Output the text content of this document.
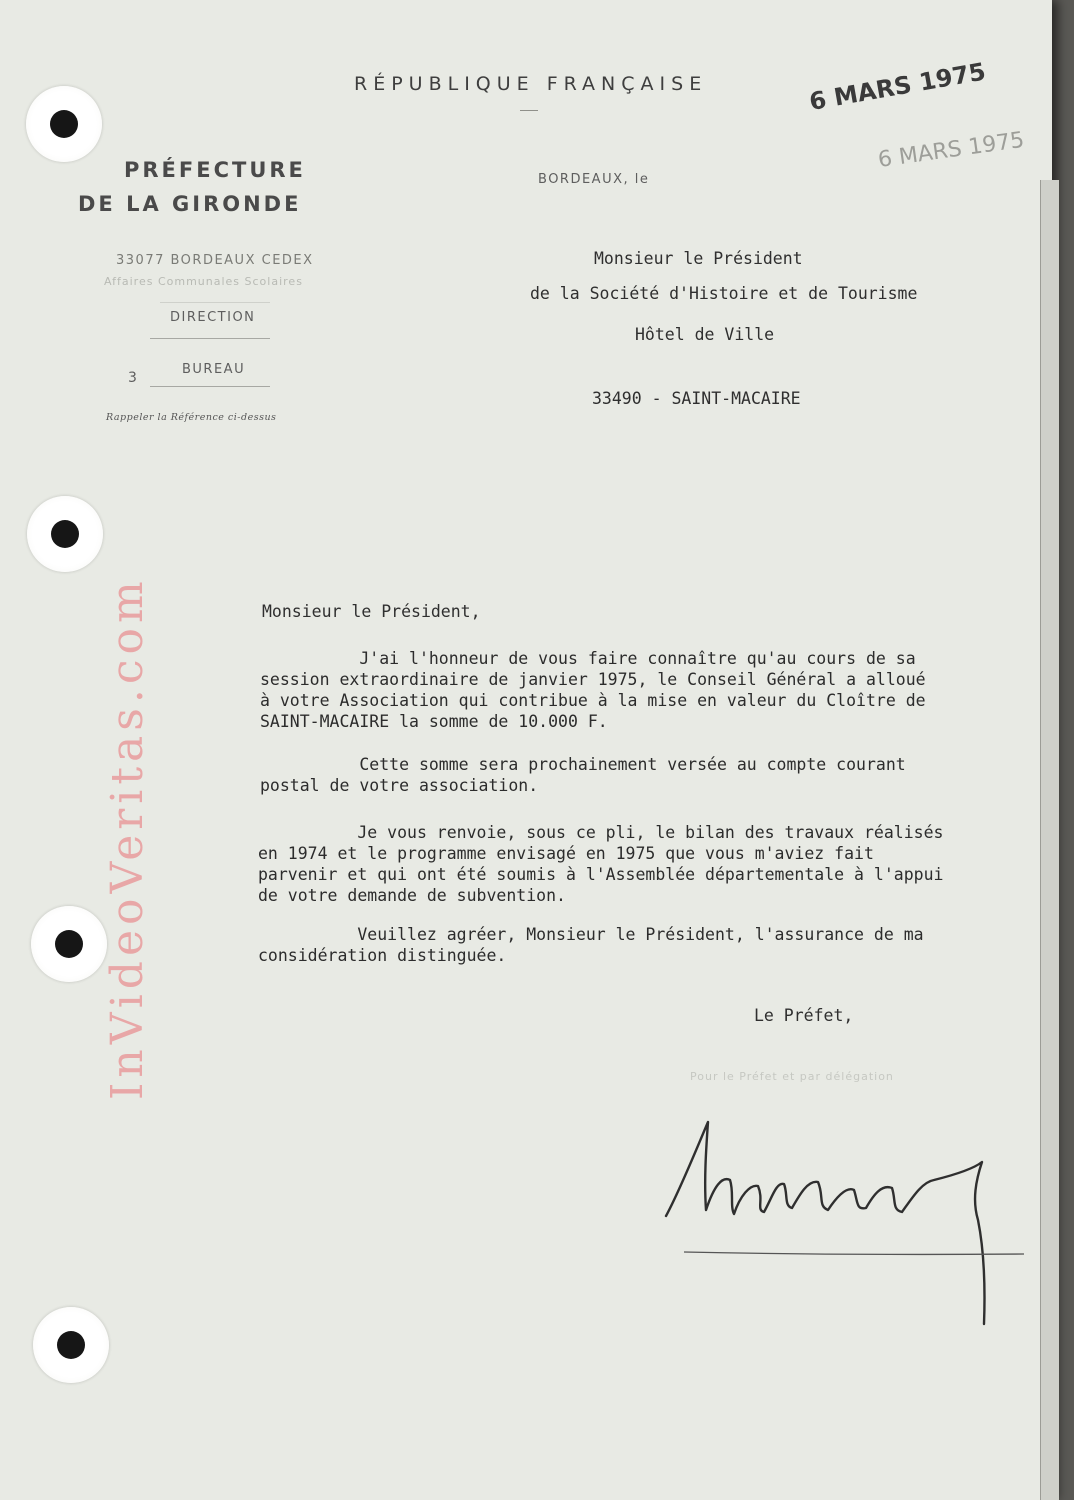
RÉPUBLIQUE FRANÇAISE
PRÉFECTURE
DE LA GIRONDE
BORDEAUX, le
33077 BORDEAUX CEDEX
Affaires Communales Scolaires
DIRECTION
3
BUREAU
Rappeler la Référence ci-dessus
6 MARS 1975
6 MARS 1975
Monsieur le Président
de la Société d'Histoire et de Tourisme
Hôtel de Ville
33490 - SAINT-MACAIRE
Monsieur le Président,
J'ai l'honneur de vous faire connaître qu'au cours de sa
session extraordinaire de janvier 1975, le Conseil Général a alloué
à votre Association qui contribue à la mise en valeur du Cloître de
SAINT-MACAIRE la somme de 10.000 F.
Cette somme sera prochainement versée au compte courant
postal de votre association.
Je vous renvoie, sous ce pli, le bilan des travaux réalisés
en 1974 et le programme envisagé en 1975 que vous m'aviez fait
parvenir et qui ont été soumis à l'Assemblée départementale à l'appui
de votre demande de subvention.
Veuillez agréer, Monsieur le Président, l'assurance de ma
considération distinguée.
Le Préfet,
Pour le Préfet et par délégation
InVideoVeritas.com
